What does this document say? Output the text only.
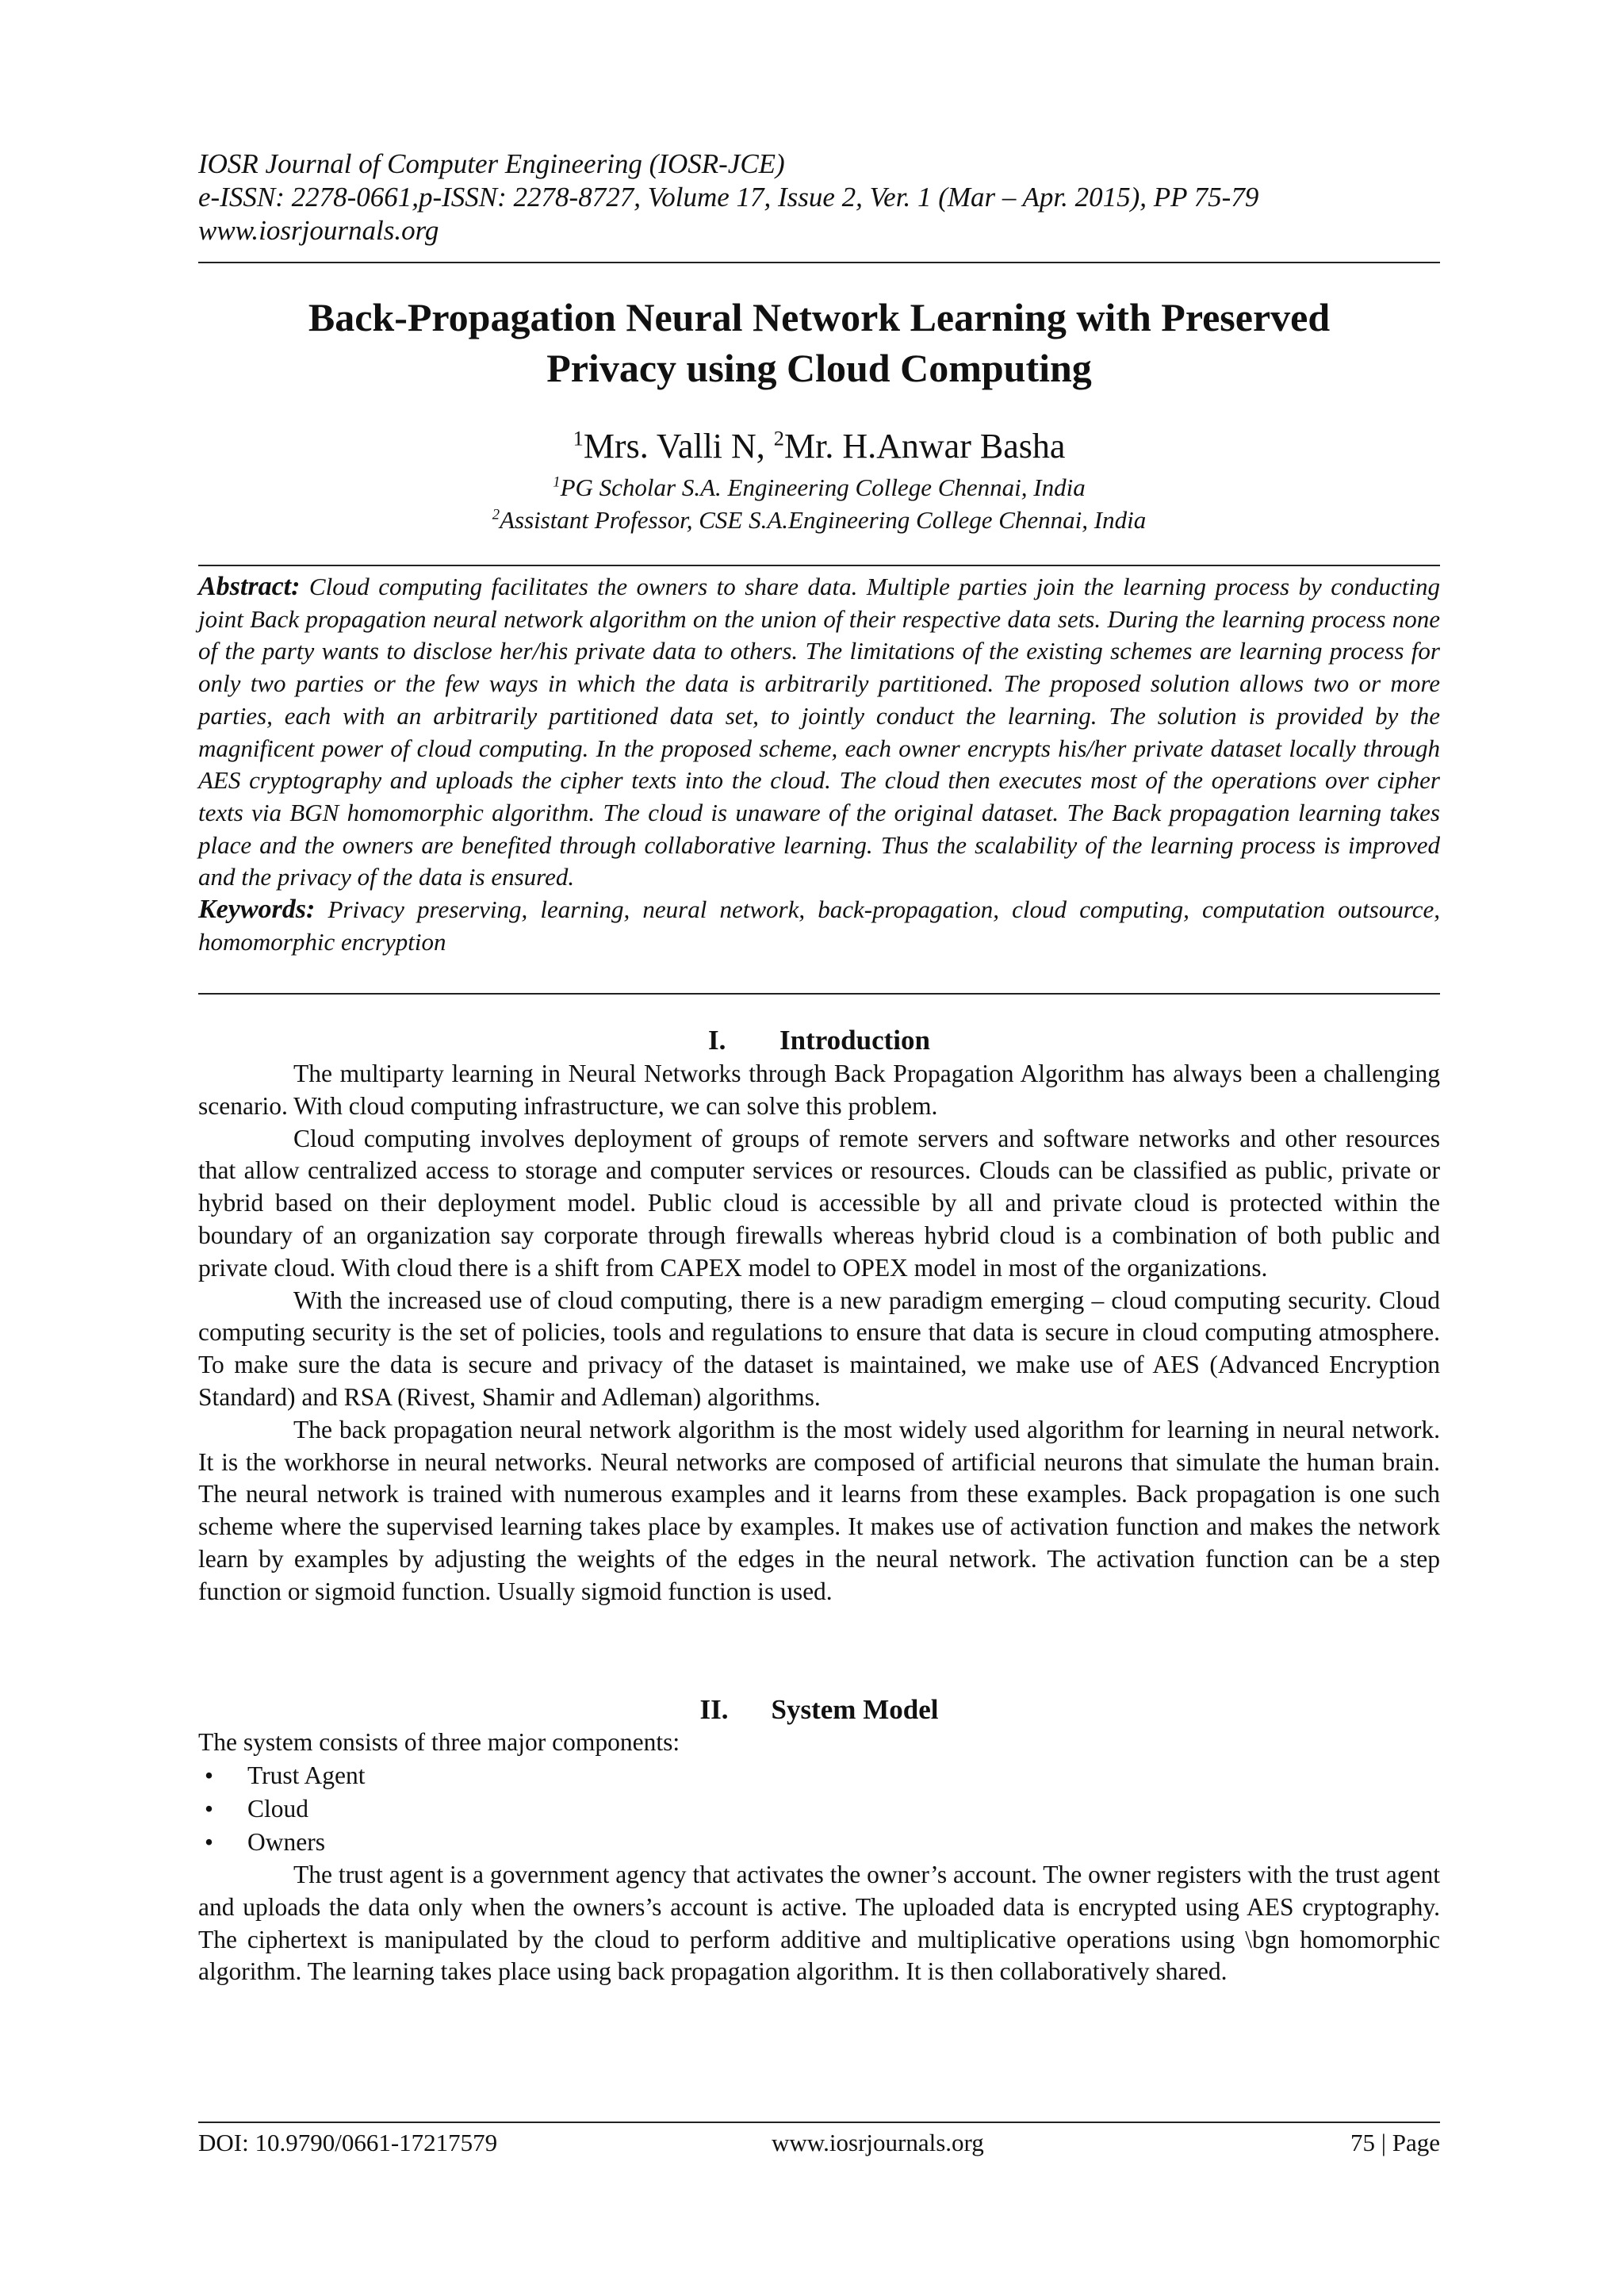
IOSR Journal of Computer Engineering (IOSR-JCE)
e-ISSN: 2278-0661,p-ISSN: 2278-8727, Volume 17, Issue 2, Ver. 1 (Mar – Apr. 2015), PP 75-79
www.iosrjournals.org
Back-Propagation Neural Network Learning with Preserved
Privacy using Cloud Computing
$^1$Mrs. Valli N, $^2$Mr. H.Anwar Basha
$^1$PG Scholar S.A. Engineering College Chennai, India
$^2$Assistant Professor, CSE S.A.Engineering College Chennai, India
Abstract: Cloud computing facilitates the owners to share data. Multiple parties join the learning process by conducting joint Back propagation neural network algorithm on the union of their respective data sets. During the learning process none of the party wants to disclose her/his private data to others. The limitations of the existing schemes are learning process for only two parties or the few ways in which the data is arbitrarily partitioned. The proposed solution allows two or more parties, each with an arbitrarily partitioned data set, to jointly conduct the learning. The solution is provided by the magnificent power of cloud computing. In the proposed scheme, each owner encrypts his/her private dataset locally through AES cryptography and uploads the cipher texts into the cloud. The cloud then executes most of the operations over cipher texts via BGN homomorphic algorithm. The cloud is unaware of the original dataset. The Back propagation learning takes place and the owners are benefited through collaborative learning. Thus the scalability of the learning process is improved and the privacy of the data is ensured.
Keywords: Privacy preserving, learning, neural network, back-propagation, cloud computing, computation outsource, homomorphic encryption
I. Introduction

The multiparty learning in Neural Networks through Back Propagation Algorithm has always been a challenging scenario. With cloud computing infrastructure, we can solve this problem.

Cloud computing involves deployment of groups of remote servers and software networks and other resources that allow centralized access to storage and computer services or resources. Clouds can be classified as public, private or hybrid based on their deployment model. Public cloud is accessible by all and private cloud is protected within the boundary of an organization say corporate through firewalls whereas hybrid cloud is a combination of both public and private cloud. With cloud there is a shift from CAPEX model to OPEX model in most of the organizations.

With the increased use of cloud computing, there is a new paradigm emerging – cloud computing security. Cloud computing security is the set of policies, tools and regulations to ensure that data is secure in cloud computing atmosphere. To make sure the data is secure and privacy of the dataset is maintained, we make use of AES (Advanced Encryption Standard) and RSA (Rivest, Shamir and Adleman) algorithms.

The back propagation neural network algorithm is the most widely used algorithm for learning in neural network. It is the workhorse in neural networks. Neural networks are composed of artificial neurons that simulate the human brain. The neural network is trained with numerous examples and it learns from these examples. Back propagation is one such scheme where the supervised learning takes place by examples. It makes use of activation function and makes the network learn by examples by adjusting the weights of the edges in the neural network. The activation function can be a step function or sigmoid function. Usually sigmoid function is used.

II. System Model
The system consists of three major components:
• Trust Agent
• Cloud
• Owners

The trust agent is a government agency that activates the owner’s account. The owner registers with the trust agent and uploads the data only when the owners’s account is active. The uploaded data is encrypted using AES cryptography. The ciphertext is manipulated by the cloud to perform additive and multiplicative operations using \bgn homomorphic algorithm. The learning takes place using back propagation algorithm. It is then collaboratively shared.

DOI: 10.9790/0661-17217579	www.iosrjournals.org	75 | Page
